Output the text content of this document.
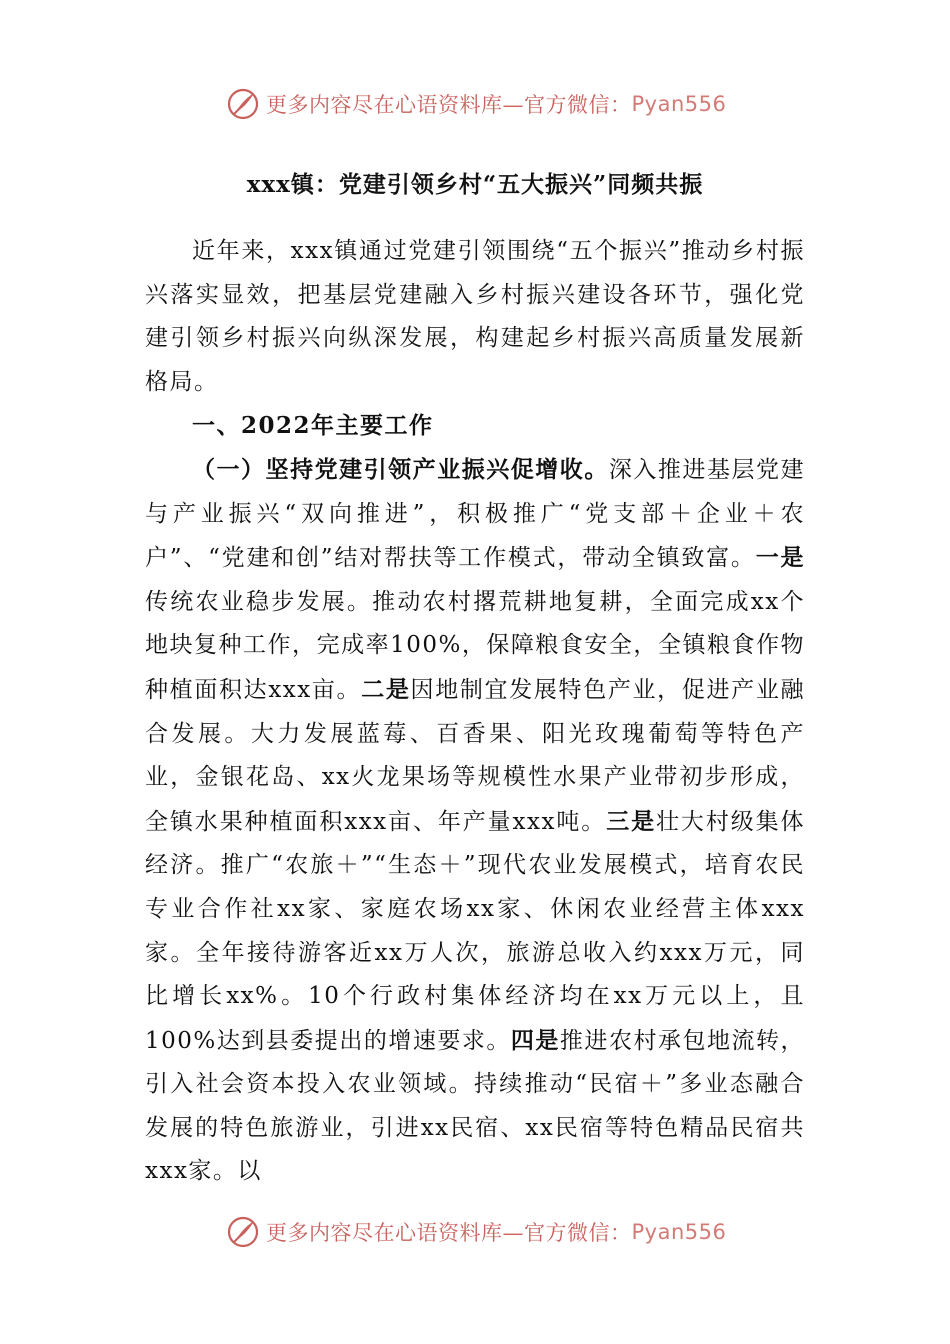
更多内容尽在心语资料库—官方微信： Pyan556
xxx镇：党建引领乡村“五大振兴”同频共振

近年来，xxx镇通过党建引领围绕“五个振兴”推动乡村振兴落实显效，把基层党建融入乡村振兴建设各环节，强化党建引领乡村振兴向纵深发展，构建起乡村振兴高质量发展新格局。

一、2022年主要工作

（一）坚持党建引领产业振兴促增收。深入推进基层党建与产业振兴“双向推进”，积极推广“党支部＋企业＋农户”、“党建和创”结对帮扶等工作模式，带动全镇致富。一是传统农业稳步发展。推动农村撂荒耕地复耕，全面完成xx个地块复种工作，完成率100%，保障粮食安全，全镇粮食作物种植面积达xxx亩。二是因地制宜发展特色产业，促进产业融合发展。大力发展蓝莓、百香果、阳光玫瑰葡萄等特色产业，金银花岛、xx火龙果场等规模性水果产业带初步形成，全镇水果种植面积xxx亩、年产量xxx吨。三是壮大村级集体经济。推广“农旅＋”“生态＋”现代农业发展模式，培育农民专业合作社xx家、家庭农场xx家、休闲农业经营主体xxx家。全年接待游客近xx万人次，旅游总收入约xxx万元，同比增长xx%。10个行政村集体经济均在xx万元以上，且100%达到县委提出的增速要求。四是推进农村承包地流转，引入社会资本投入农业领域。持续推动“民宿＋”多业态融合发展的特色旅游业，引进xx民宿、xx民宿等特色精品民宿共xxx家。以

更多内容尽在心语资料库—官方微信： Pyan556
